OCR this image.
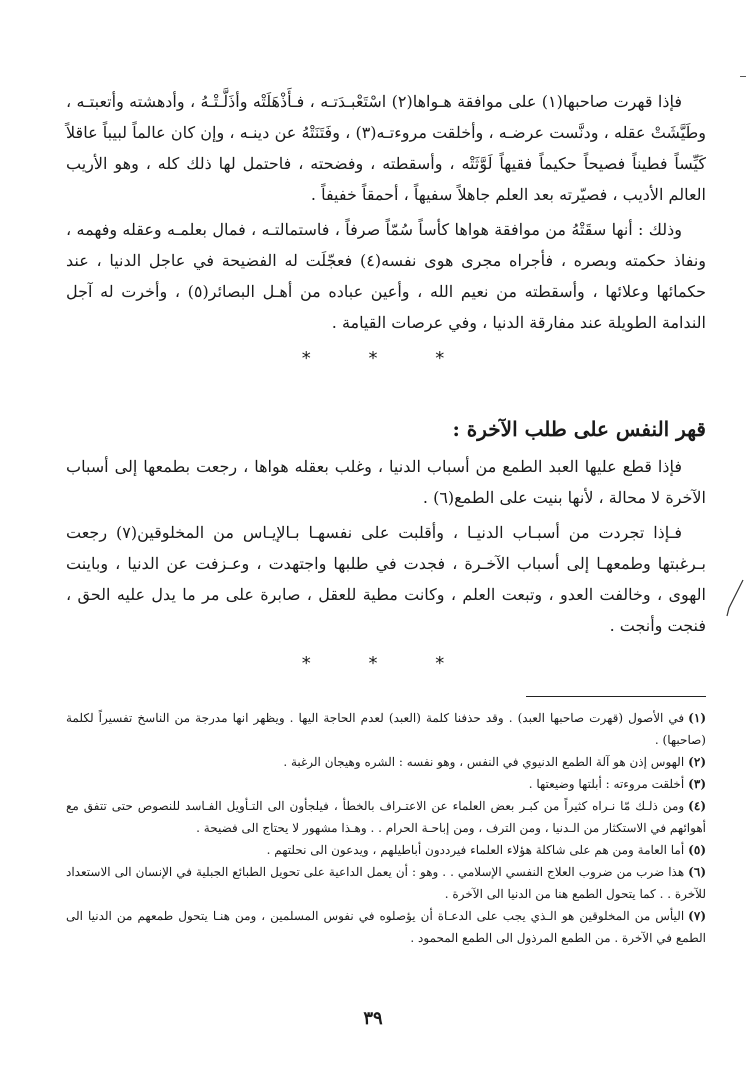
فإذا قهرت صاحبها(١) على موافقة هـواها(٢) اسْتَعْبـدَتـه ، فـأَذْهَلَتْه وأذَلَّـتْـهُ ، وأدهشته وأتعبتـه ، وطَيَّشَتْ عقله ، ودنَّست عرضـه ، وأخلقت مروءتـه(٣) ، وفَتَنَتْهُ عن دينـه ، وإن كان عالماً لبيباً عاقلاً كَيِّساً فطيناً فصيحاً حكيماً فقيهاً لَوَّثَتْه ، وأسقطته ، وفضحته ، فاحتمل لها ذلك كله ، وهو الأريب العالم الأديب ، فصيّرته بعد العلم جاهلاً سفيهاً ، أحمقاً خفيفاً .

وذلك : أنها سقَتْهُ من موافقة هواها كأساً سُمّاً صرفاً ، فاستمالتـه ، فمال بعلمـه وعقله وفهمه ، ونفاذ حكمته وبصره ، فأجراه مجرى هوى نفسه(٤) فعجّلَت له الفضيحة في عاجل الدنيا ، عند حكمائها وعلائها ، وأسقطته من نعيم الله ، وأعين عباده من أهـل البصائر(٥) ، وأخرت له آجل الندامة الطويلة عند مفارقة الدنيا ، وفي عرصات القيامة .

* * *
قهر النفس على طلب الآخرة :

فإذا قطع عليها العبد الطمع من أسباب الدنيا ، وغلب بعقله هواها ، رجعت بطمعها إلى أسباب الآخرة لا محالة ، لأنها بنيت على الطمع(٦) .

فـإذا تجردت من أسبـاب الدنيـا ، وأقلبت على نفسهـا بـالإيـاس من المخلوقين(٧) رجعت بـرغبتها وطمعهـا إلى أسباب الآخـرة ، فجدت في طلبها واجتهدت ، وعـزفت عن الدنيا ، وباينت الهوى ، وخالفت العدو ، وتبعت العلم ، وكانت مطية للعقل ، صابرة على مر ما يدل عليه الحق ، فنجت وأنجت .

* * *
(١)في الأصول (قهرت صاحبها العبد) . وقد حذفنا كلمة (العبد) لعدم الحاجة اليها . ويظهر انها مدرجة من الناسخ تفسيراً لكلمة (صاحبها) .
(٢)الهوس إذن هو آلة الطمع الدنيوي في النفس ، وهو نفسه : الشره وهيجان الرغبة .
(٣)أخلقت مروءته : أبلتها وضيعتها .
(٤)ومن ذلـك مّا نـراه كثيراً من كبـر بعض العلماء عن الاعتـراف بالخطأ ، فيلجأون الى التـأويل الفـاسد للنصوص حتى تتفق مع أهوائهم في الاستكثار من الـدنيا ، ومن الترف ، ومن إباحـة الحرام . . وهـذا مشهور لا يحتاج الى فضيحة .
(٥)أما العامة ومن هم على شاكلة هؤلاء العلماء فيرددون أباطيلهم ، ويدعون الى نحلتهم .
(٦)هذا ضرب من ضروب العلاج النفسي الإسلامي . . وهو : أن يعمل الداعية على تحويل الطبائع الجبلية في الإنسان الى الاستعداد للآخرة . . كما يتحول الطمع هنا من الدنيا الى الآخرة .
(٧)اليأس من المخلوقين هو الـذي يجب على الدعـاة أن يؤصلوه في نفوس المسلمين ، ومن هنـا يتحول طمعهم من الدنيا الى الطمع في الآخرة . من الطمع المرذول الى الطمع المحمود .
٣٩
